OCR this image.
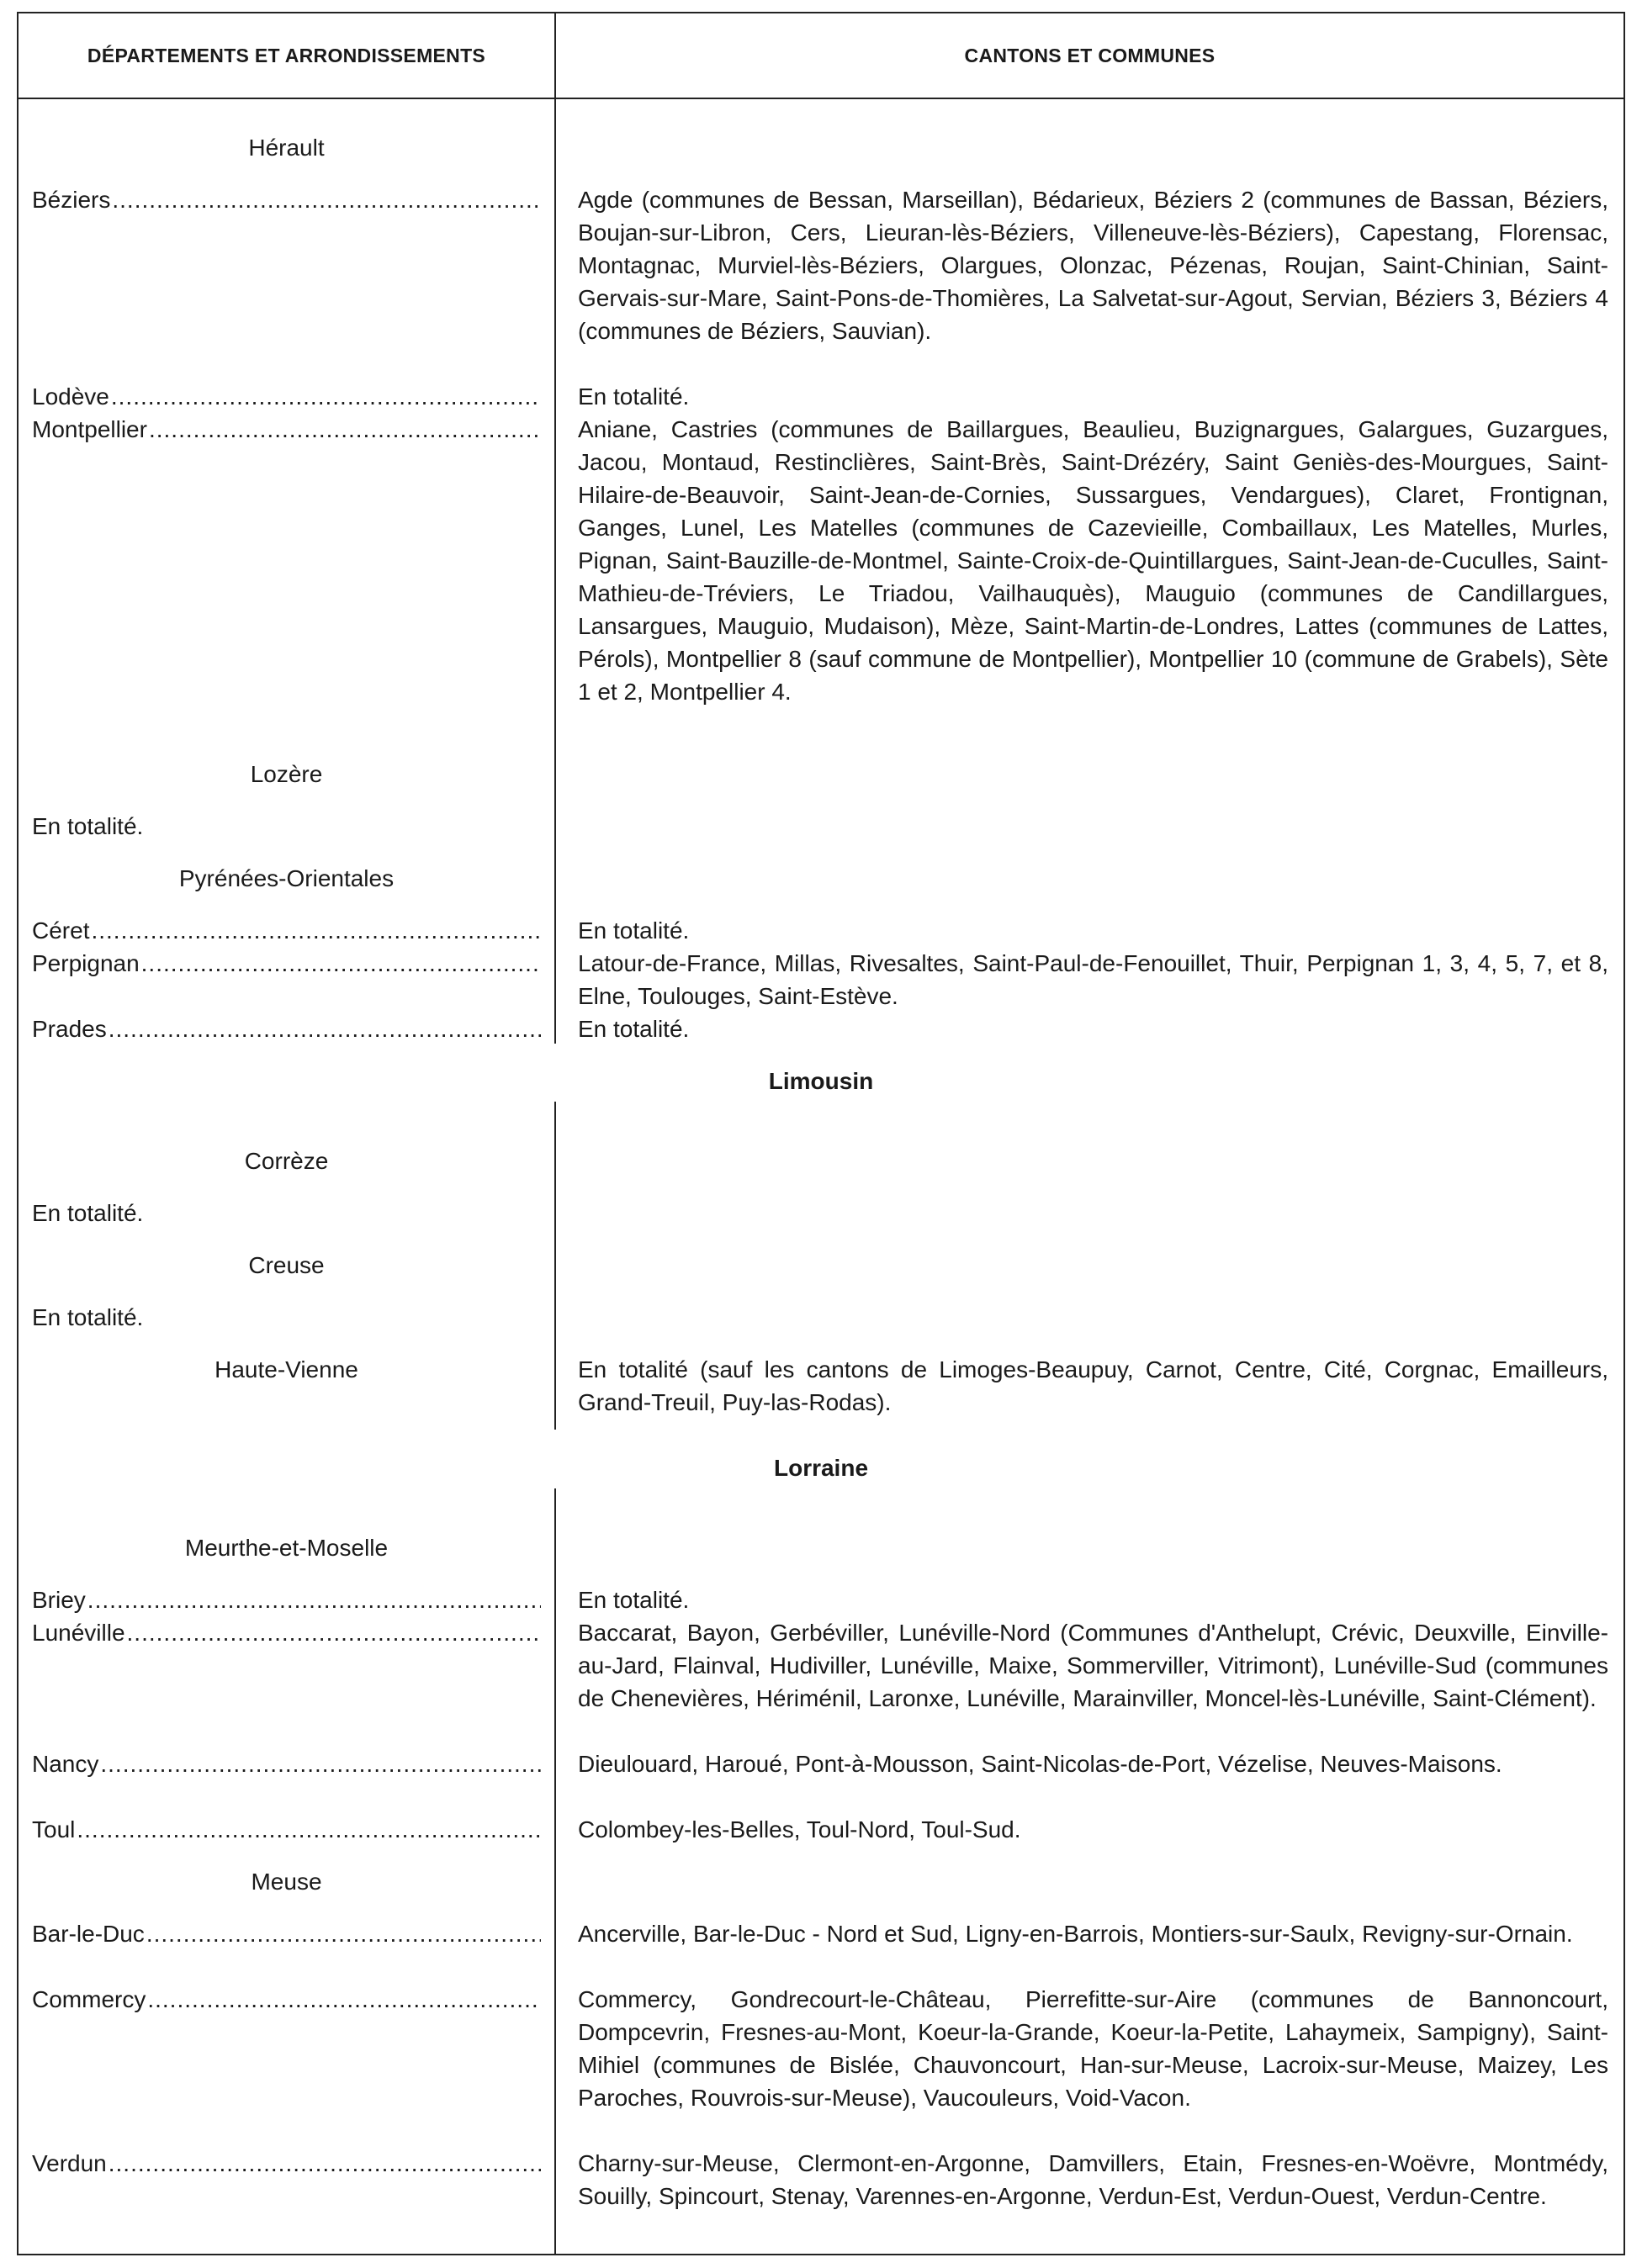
DÉPARTEMENTS ET ARRONDISSEMENTS	CANTONS ET COMMUNES
Hérault
Béziers .....	Agde (communes de Bessan, Marseillan), Bédarieux, Béziers 2 (communes de Bassan, Béziers, Boujan-sur-Libron, Cers, Lieuran-lès-Béziers, Villeneuve-lès-Béziers), Capestang, Florensac, Montagnac, Murviel-lès-Béziers, Olargues, Olonzac, Pézenas, Roujan, Saint-Chinian, Saint-Gervais-sur-Mare, Saint-Pons-de-Thomières, La Salvetat-sur-Agout, Servian, Béziers 3, Béziers 4 (communes de Béziers, Sauvian).
Lodève .....	En totalité.
Montpellier .....	Aniane, Castries (communes de Baillargues, Beaulieu, Buzignargues, Galargues, Guzargues, Jacou, Montaud, Restinclières, Saint-Brès, Saint-Drézéry, Saint Geniès-des-Mourgues, Saint-Hilaire-de-Beauvoir, Saint-Jean-de-Cornies, Sussargues, Vendargues), Claret, Frontignan, Ganges, Lunel, Les Matelles (communes de Cazevieille, Combaillaux, Les Matelles, Murles, Pignan, Saint-Bauzille-de-Montmel, Sainte-Croix-de-Quintillargues, Saint-Jean-de-Cuculles, Saint-Mathieu-de-Tréviers, Le Triadou, Vailhauquès), Mauguio (communes de Candillargues, Lansargues, Mauguio, Mudaison), Mèze, Saint-Martin-de-Londres, Lattes (communes de Lattes, Pérols), Montpellier 8 (sauf commune de Montpellier), Montpellier 10 (commune de Grabels), Sète 1 et 2, Montpellier 4.
Lozère
En totalité.
Pyrénées-Orientales
Céret .....	En totalité.
Perpignan .....	Latour-de-France, Millas, Rivesaltes, Saint-Paul-de-Fenouillet, Thuir, Perpignan 1, 3, 4, 5, 7, et 8, Elne, Toulouges, Saint-Estève.
Prades .....	En totalité.
Limousin
Corrèze
En totalité.
Creuse
En totalité.
Haute-Vienne	En totalité (sauf les cantons de Limoges-Beaupuy, Carnot, Centre, Cité, Corgnac, Emailleurs, Grand-Treuil, Puy-las-Rodas).
Lorraine
Meurthe-et-Moselle
Briey .....	En totalité.
Lunéville .....	Baccarat, Bayon, Gerbéviller, Lunéville-Nord (Communes d'Anthelupt, Crévic, Deuxville, Einville-au-Jard, Flainval, Hudiviller, Lunéville, Maixe, Sommerviller, Vitrimont), Lunéville-Sud (communes de Chenevières, Hériménil, Laronxe, Lunéville, Marainviller, Moncel-lès-Lunéville, Saint-Clément).
Nancy .....	Dieulouard, Haroué, Pont-à-Mousson, Saint-Nicolas-de-Port, Vézelise, Neuves-Maisons.
Toul .....	Colombey-les-Belles, Toul-Nord, Toul-Sud.
Meuse
Bar-le-Duc .....	Ancerville, Bar-le-Duc - Nord et Sud, Ligny-en-Barrois, Montiers-sur-Saulx, Revigny-sur-Ornain.
Commercy .....	Commercy, Gondrecourt-le-Château, Pierrefitte-sur-Aire (communes de Bannoncourt, Dompcevrin, Fresnes-au-Mont, Koeur-la-Grande, Koeur-la-Petite, Lahaymeix, Sampigny), Saint-Mihiel (communes de Bislée, Chauvoncourt, Han-sur-Meuse, Lacroix-sur-Meuse, Maizey, Les Paroches, Rouvrois-sur-Meuse), Vaucouleurs, Void-Vacon.
Verdun .....	Charny-sur-Meuse, Clermont-en-Argonne, Damvillers, Etain, Fresnes-en-Woëvre, Montmédy, Souilly, Spincourt, Stenay, Varennes-en-Argonne, Verdun-Est, Verdun-Ouest, Verdun-Centre.
